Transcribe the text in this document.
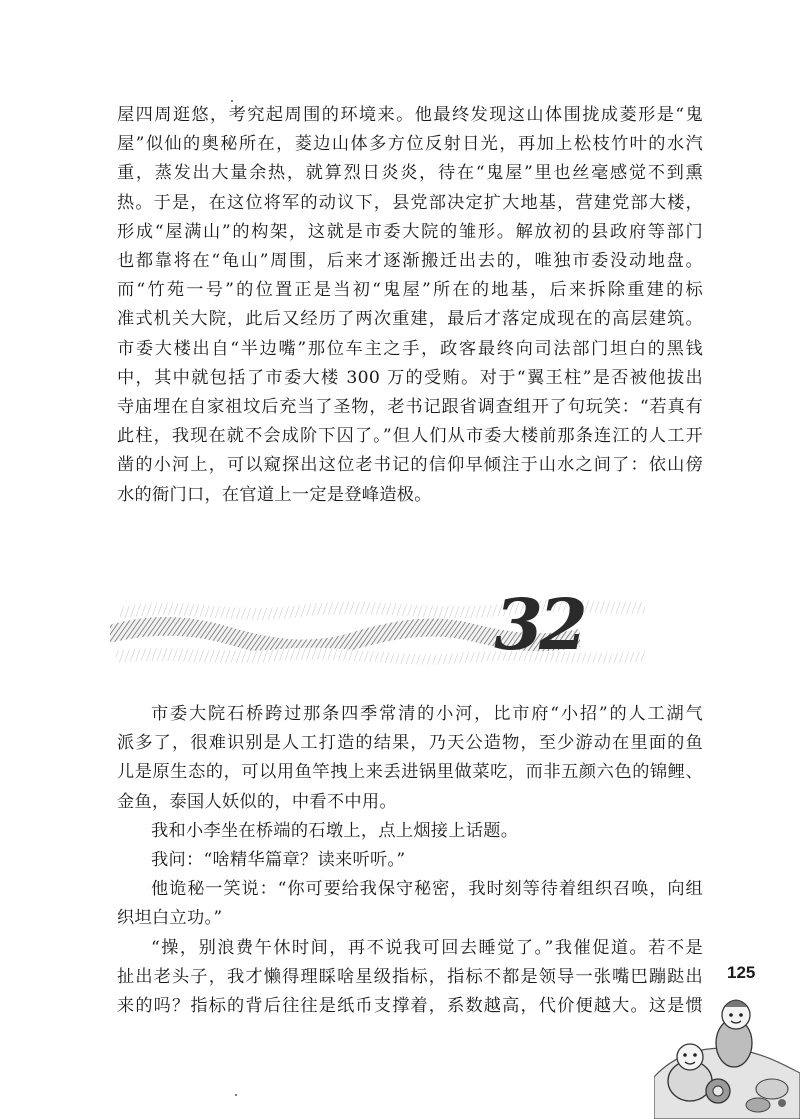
屋四周逛悠，考究起周围的环境来。他最终发现这山体围拢成菱形是“鬼
屋”似仙的奥秘所在，菱边山体多方位反射日光，再加上松枝竹叶的水汽
重，蒸发出大量余热，就算烈日炎炎，待在“鬼屋”里也丝毫感觉不到熏
热。于是，在这位将军的动议下，县党部决定扩大地基，营建党部大楼，
形成“屋满山”的构架，这就是市委大院的雏形。解放初的县政府等部门
也都靠将在“龟山”周围，后来才逐渐搬迁出去的，唯独市委没动地盘。
而“竹苑一号”的位置正是当初“鬼屋”所在的地基，后来拆除重建的标
准式机关大院，此后又经历了两次重建，最后才落定成现在的高层建筑。
市委大楼出自“半边嘴”那位车主之手，政客最终向司法部门坦白的黑钱
中，其中就包括了市委大楼 300 万的受贿。对于“翼王柱”是否被他拔出
寺庙埋在自家祖坟后充当了圣物，老书记跟省调查组开了句玩笑：“若真有
此柱，我现在就不会成阶下囚了。”但人们从市委大楼前那条连江的人工开
凿的小河上，可以窥探出这位老书记的信仰早倾注于山水之间了：依山傍
水的衙门口，在官道上一定是登峰造极。
32
市委大院石桥跨过那条四季常清的小河，比市府“小招”的人工湖气
派多了，很难识别是人工打造的结果，乃天公造物，至少游动在里面的鱼
儿是原生态的，可以用鱼竿拽上来丢进锅里做菜吃，而非五颜六色的锦鲤、
金鱼，泰国人妖似的，中看不中用。
我和小李坐在桥端的石墩上，点上烟接上话题。
我问：“啥精华篇章？读来听听。”
他诡秘一笑说：“你可要给我保守秘密，我时刻等待着组织召唤，向组
织坦白立功。”
“操，别浪费午休时间，再不说我可回去睡觉了。”我催促道。若不是
扯出老头子，我才懒得理睬啥星级指标，指标不都是领导一张嘴巴蹦跶出
来的吗？指标的背后往往是纸币支撑着，系数越高，代价便越大。这是惯
125
